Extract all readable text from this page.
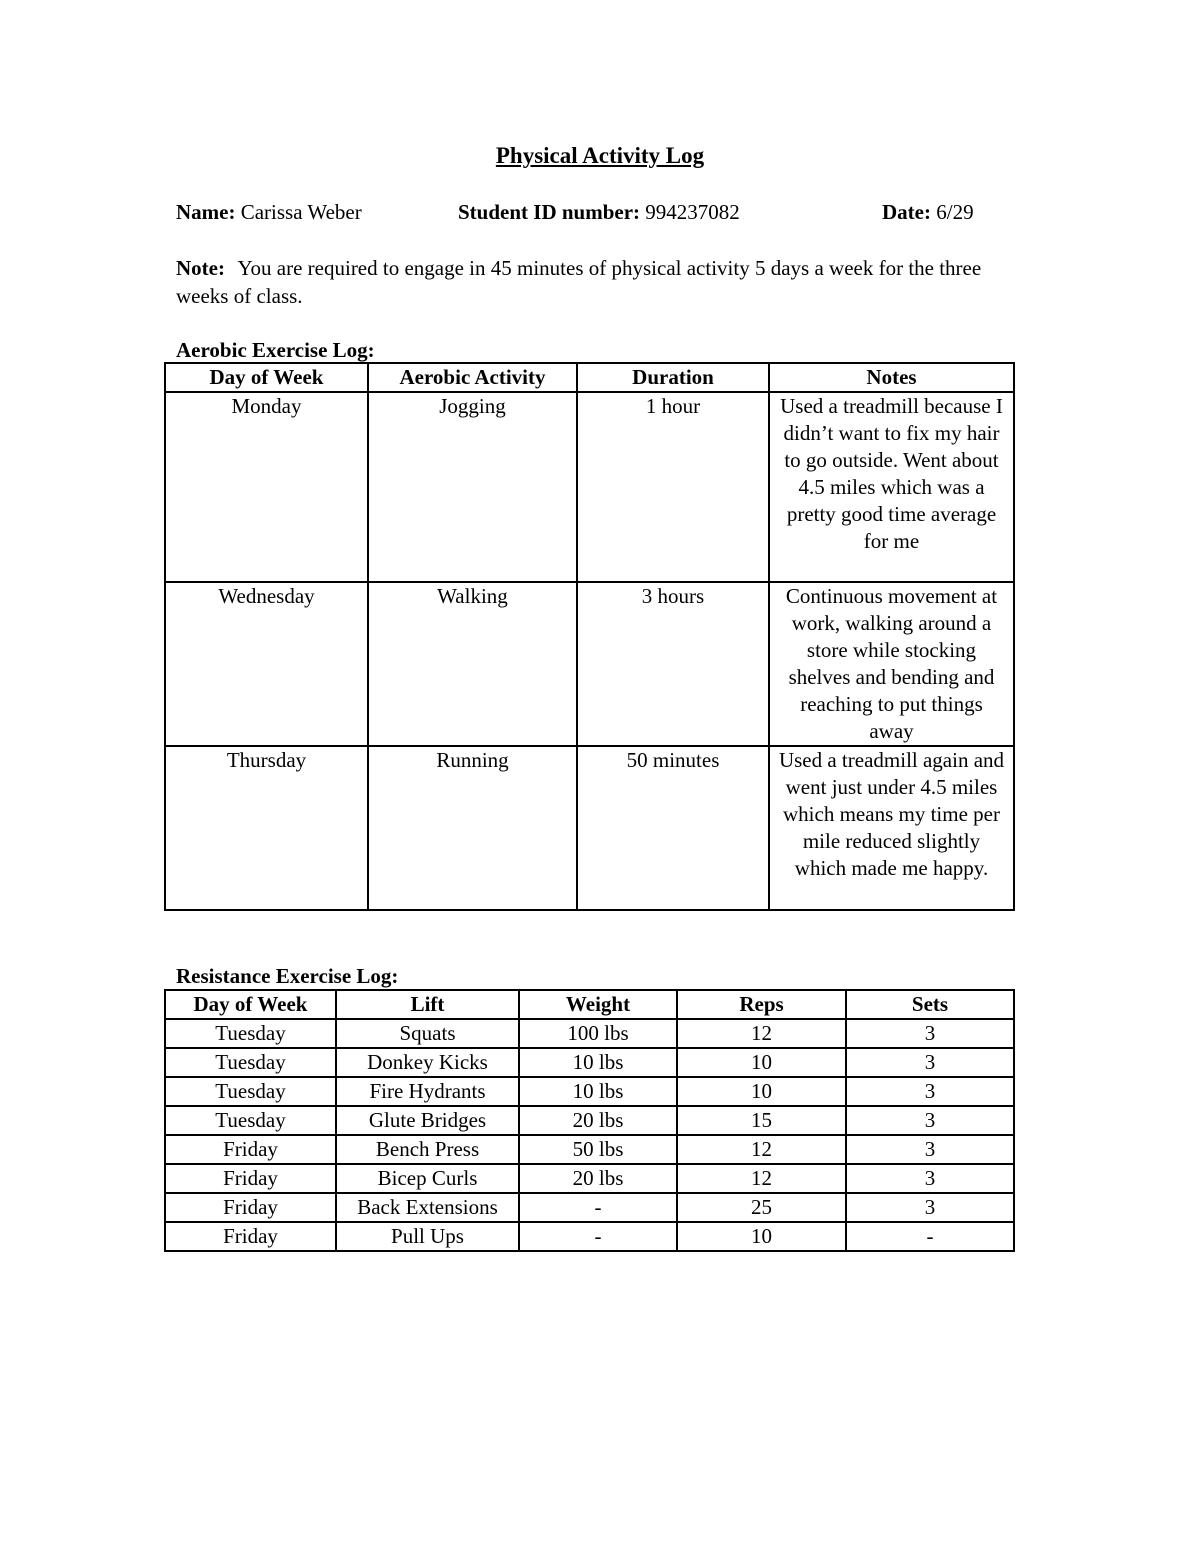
Physical Activity Log
Name: Carissa Weber	Student ID number: 994237082	Date: 6/29
Note: You are required to engage in 45 minutes of physical activity 5 days a week for the three weeks of class.
Aerobic Exercise Log:
Day of Week	Aerobic Activity	Duration	Notes
Monday	Jogging	1 hour	Used a treadmill because I didn’t want to fix my hair to go outside. Went about 4.5 miles which was a pretty good time average for me
Wednesday	Walking	3 hours	Continuous movement at work, walking around a store while stocking shelves and bending and reaching to put things away
Thursday	Running	50 minutes	Used a treadmill again and went just under 4.5 miles which means my time per mile reduced slightly which made me happy.
Resistance Exercise Log:
Day of Week	Lift	Weight	Reps	Sets
Tuesday	Squats	100 lbs	12	3
Tuesday	Donkey Kicks	10 lbs	10	3
Tuesday	Fire Hydrants	10 lbs	10	3
Tuesday	Glute Bridges	20 lbs	15	3
Friday	Bench Press	50 lbs	12	3
Friday	Bicep Curls	20 lbs	12	3
Friday	Back Extensions	-	25	3
Friday	Pull Ups	-	10	-
